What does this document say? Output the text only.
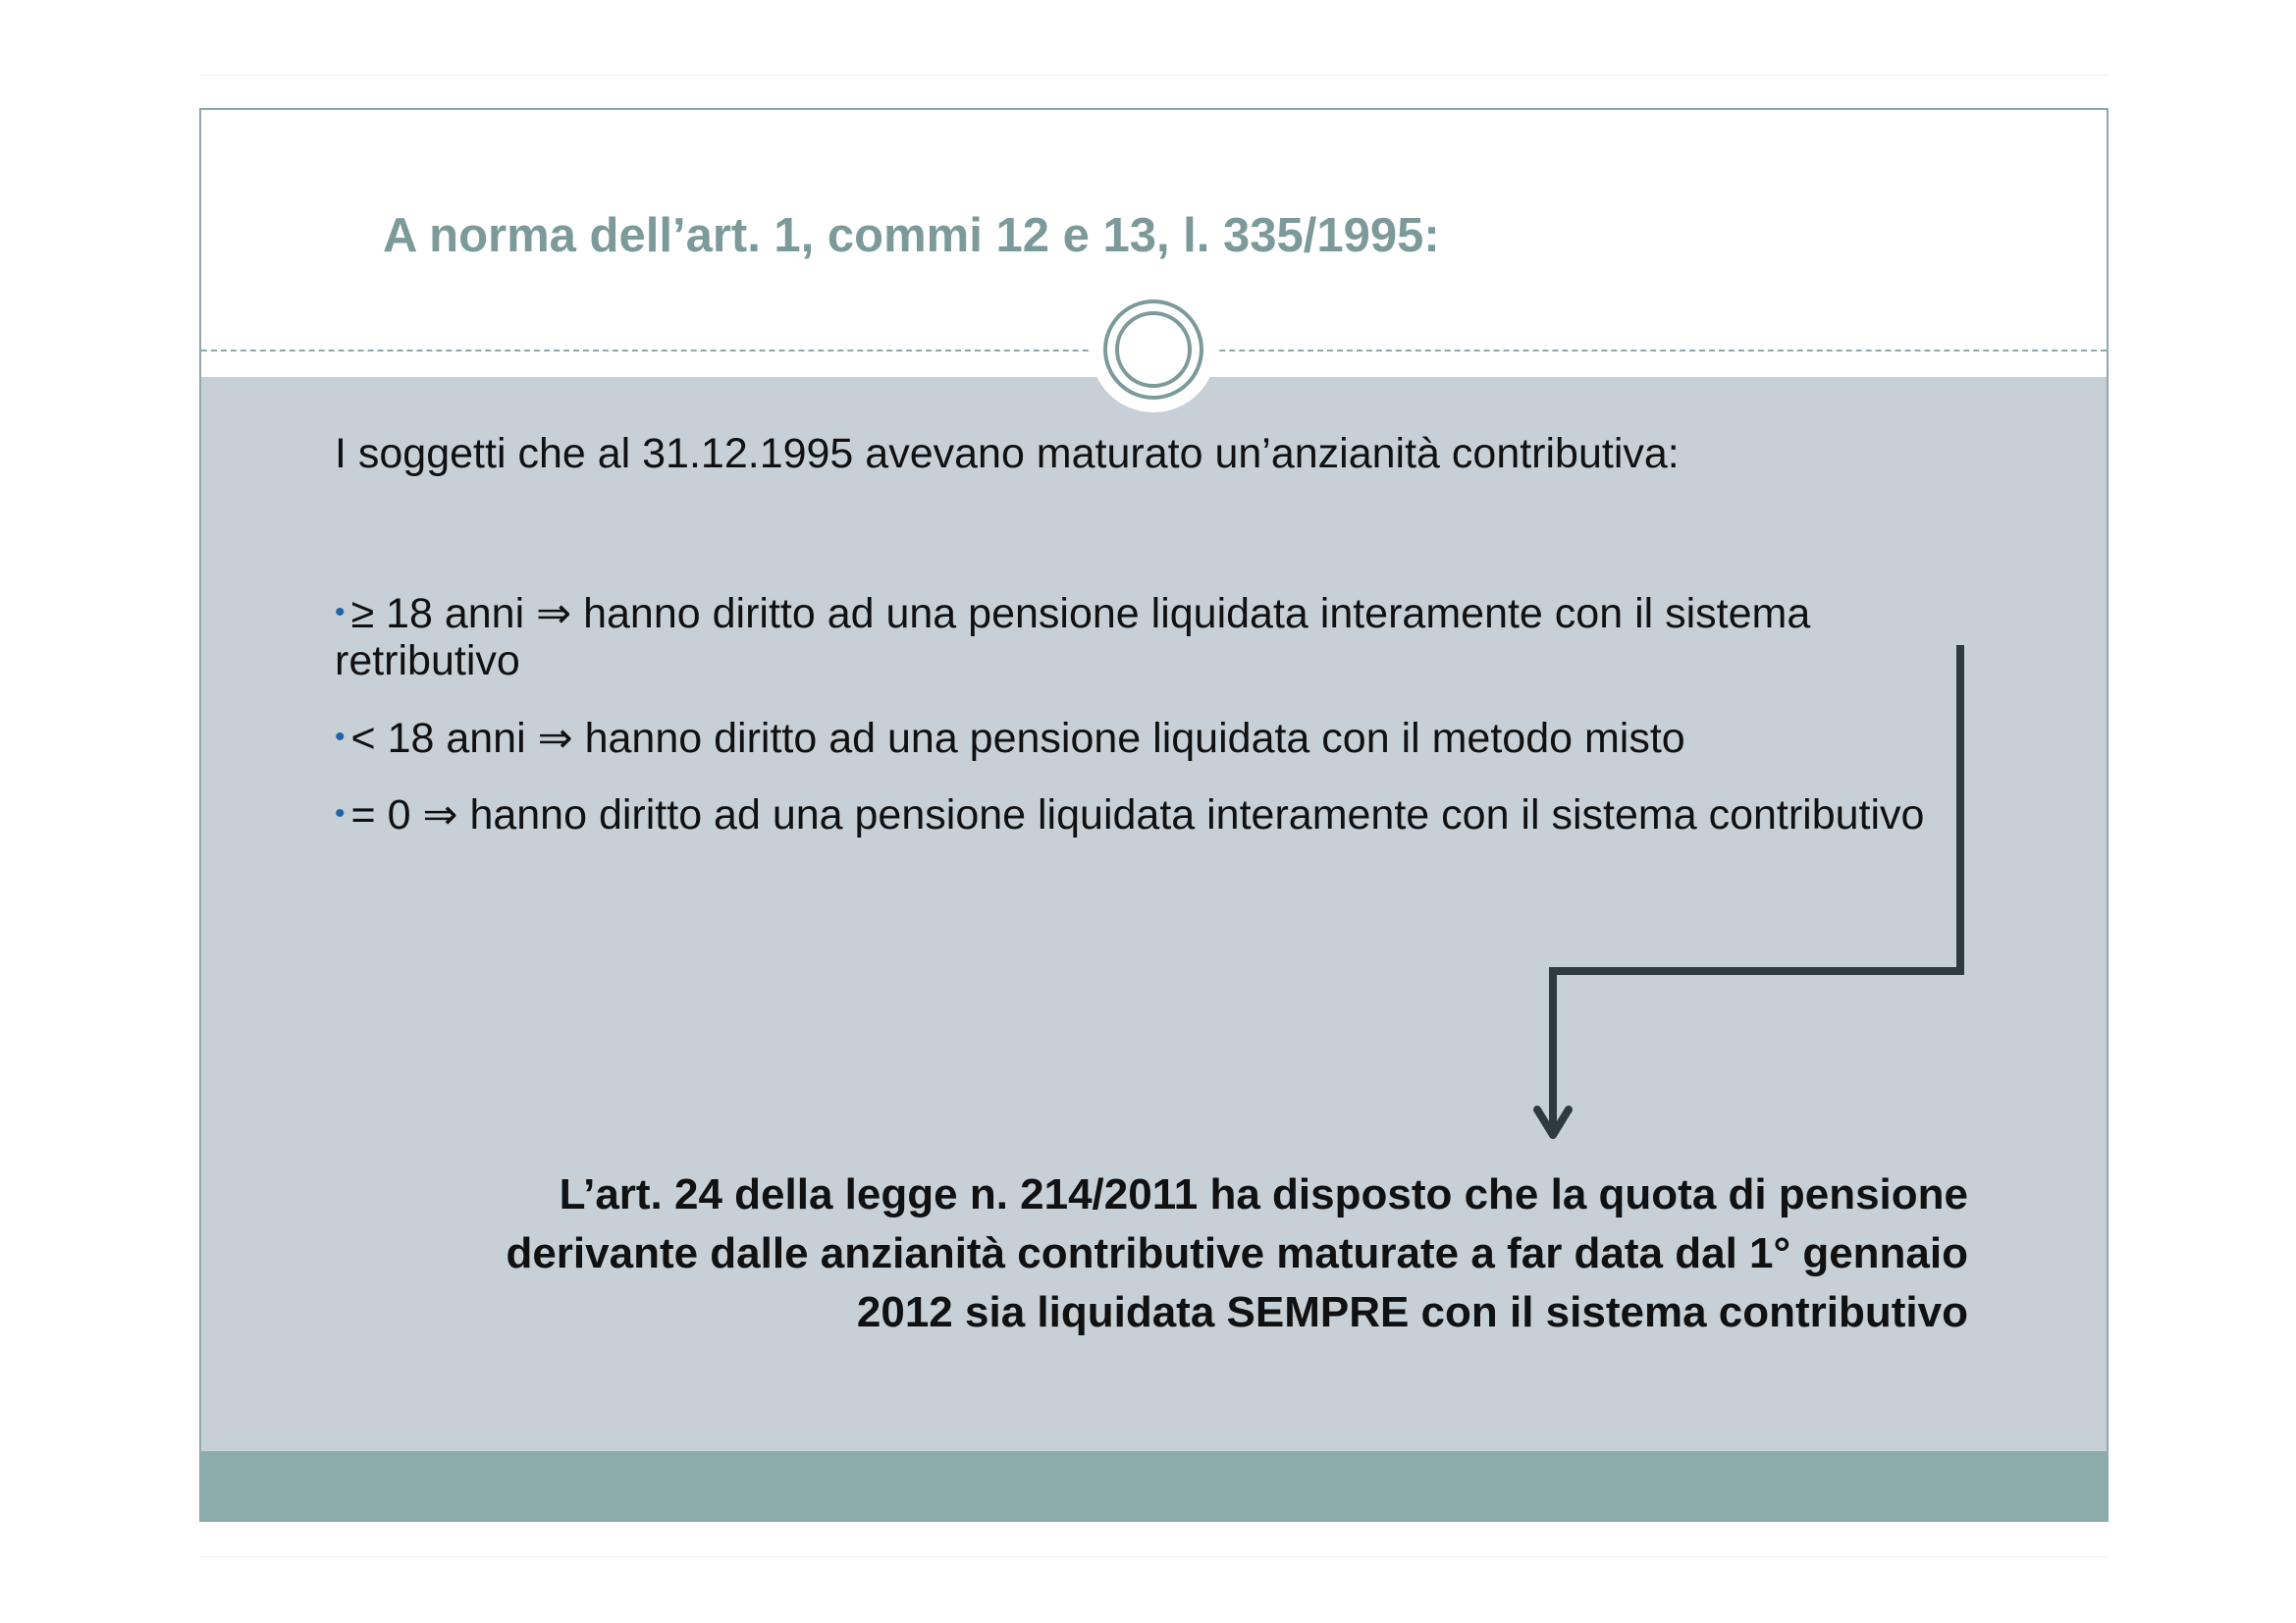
A norma dell’art. 1, commi 12 e 13, l. 335/1995:

I soggetti che al 31.12.1995 avevano maturato un’anzianità contributiva:

• ≥ 18 anni ⇒ hanno diritto ad una pensione liquidata interamente con il sistema retributivo

• < 18 anni ⇒ hanno diritto ad una pensione liquidata con il metodo misto

• = 0 ⇒ hanno diritto ad una pensione liquidata interamente con il sistema contributivo

L’art. 24 della legge n. 214/2011 ha disposto che la quota di pensione derivante dalle anzianità contributive maturate a far data dal 1° gennaio 2012 sia liquidata SEMPRE con il sistema contributivo
